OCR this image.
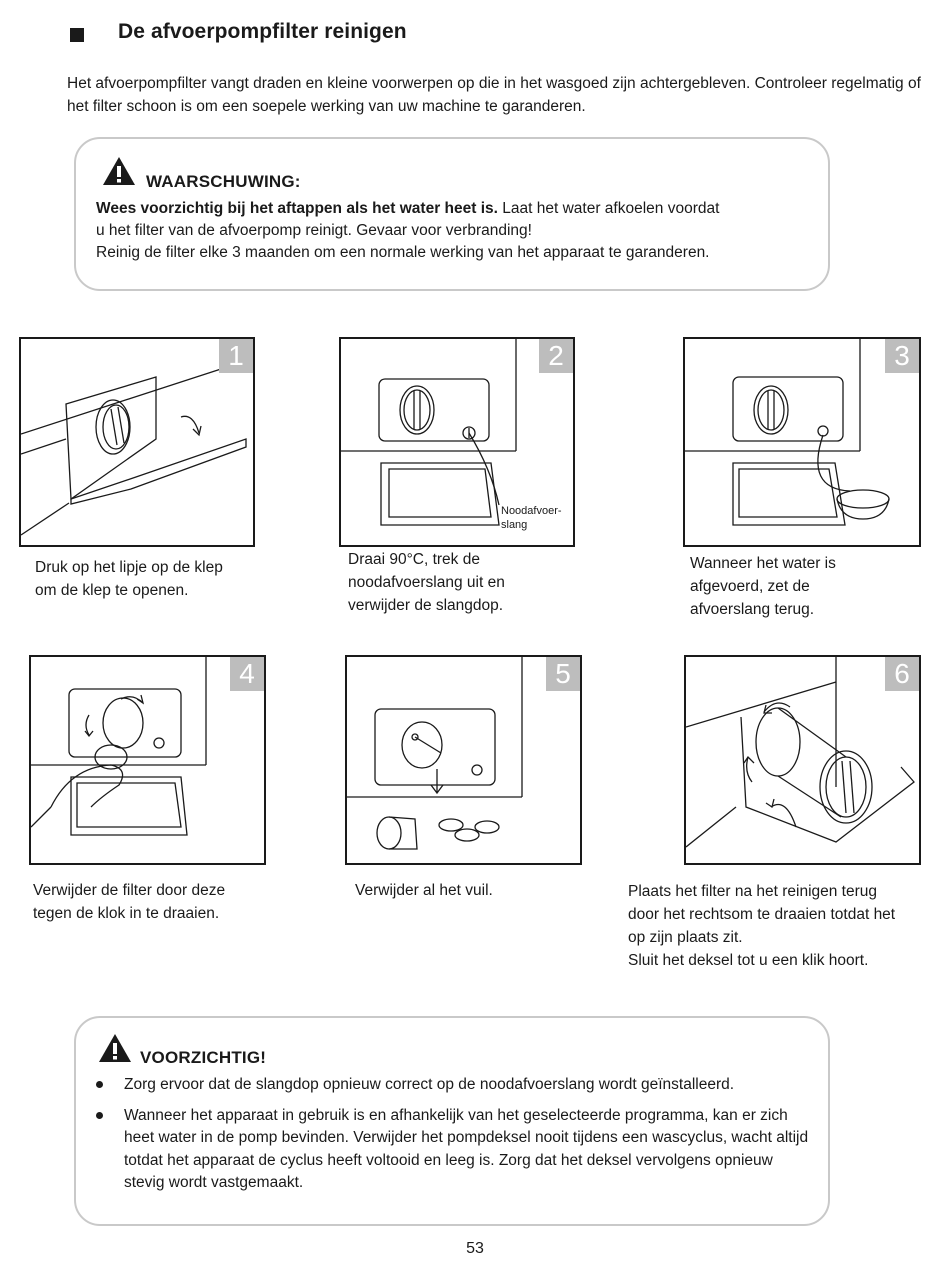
De afvoerpompfilter reinigen
Het afvoerpompfilter vangt draden en kleine voorwerpen op die in het wasgoed zijn achtergebleven. Controleer regelmatig of het filter schoon is om een soepele werking van uw machine te garanderen.
WAARSCHUWING:
Wees voorzichtig bij het aftappen als het water heet is. Laat het water afkoelen voordat
u het filter van de afvoerpomp reinigt. Gevaar voor verbranding!
Reinig de filter elke 3 maanden om een normale werking van het apparaat te garanderen.
1
Druk op het lipje op de klep
om de klep te openen.
Noodafvoer-
slang
2
Draai 90°C, trek de
noodafvoerslang uit en
verwijder de slangdop.
3
Wanneer het water is
afgevoerd, zet de
afvoerslang terug.
4
Verwijder de filter door deze
tegen de klok in te draaien.
5
Verwijder al het vuil.
6
Plaats het filter na het reinigen terug
door het rechtsom te draaien totdat het
op zijn plaats zit.
Sluit het deksel tot u een klik hoort.
VOORZICHTIG!
Zorg ervoor dat de slangdop opnieuw correct op de noodafvoerslang wordt geïnstalleerd.
Wanneer het apparaat in gebruik is en afhankelijk van het geselecteerde programma, kan er zich heet water in de pomp bevinden. Verwijder het pompdeksel nooit tijdens een wascyclus, wacht altijd totdat het apparaat de cyclus heeft voltooid en leeg is. Zorg dat het deksel vervolgens opnieuw stevig wordt vastgemaakt.
53
